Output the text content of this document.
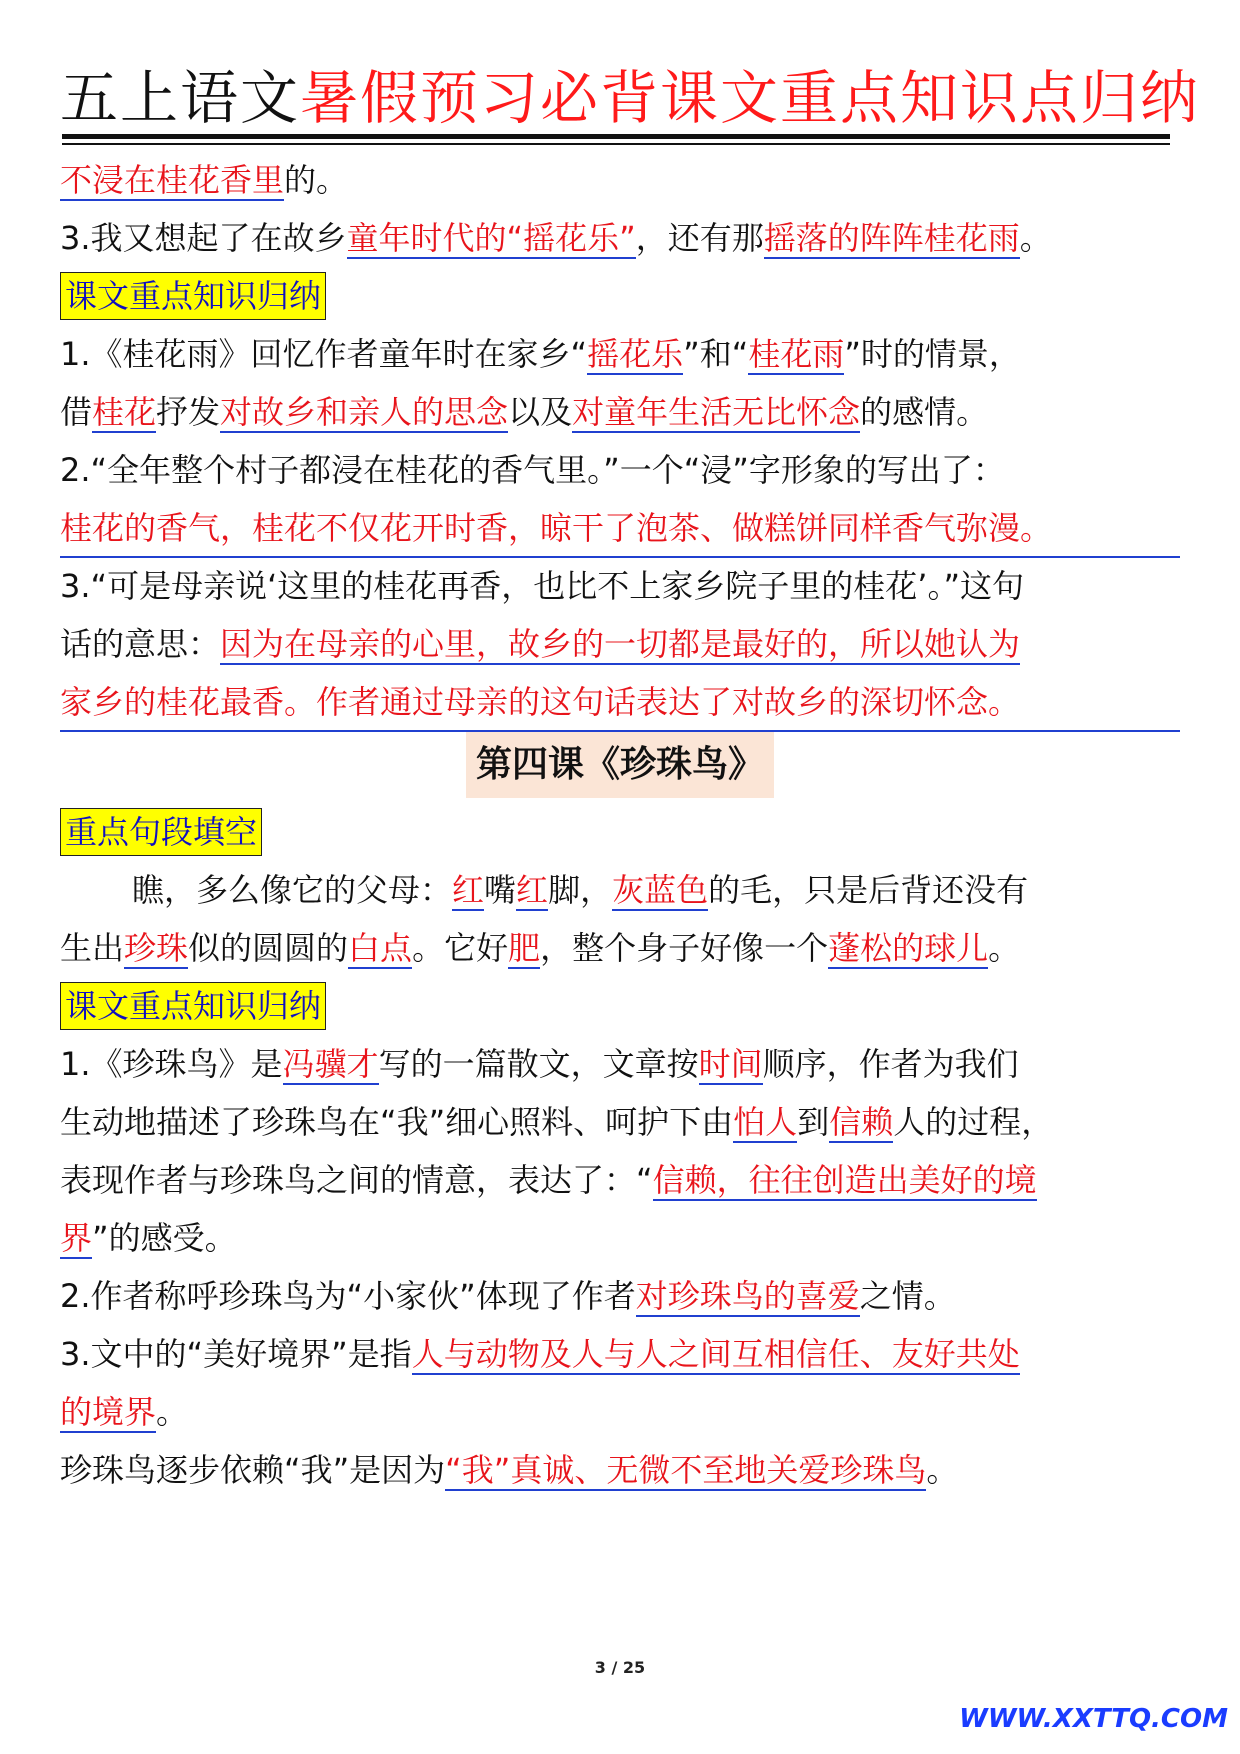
五上语文暑假预习必背课文重点知识点归纳
不浸在桂花香里的。
3.我又想起了在故乡童年时代的“摇花乐”，还有那摇落的阵阵桂花雨。
课文重点知识归纳
1.《桂花雨》回忆作者童年时在家乡“摇花乐”和“桂花雨”时的情景，
借桂花抒发对故乡和亲人的思念以及对童年生活无比怀念的感情。
2.“全年整个村子都浸在桂花的香气里。”一个“浸”字形象的写出了：
桂花的香气，桂花不仅花开时香，晾干了泡茶、做糕饼同样香气弥漫。
3.“可是母亲说‘这里的桂花再香，也比不上家乡院子里的桂花’。”这句
话的意思：因为在母亲的心里，故乡的一切都是最好的，所以她认为
家乡的桂花最香。作者通过母亲的这句话表达了对故乡的深切怀念。
第四课《珍珠鸟》
重点句段填空
瞧，多么像它的父母：红嘴红脚，灰蓝色的毛，只是后背还没有
生出珍珠似的圆圆的白点。它好肥，整个身子好像一个蓬松的球儿。
课文重点知识归纳
1.《珍珠鸟》是冯骥才写的一篇散文，文章按时间顺序，作者为我们
生动地描述了珍珠鸟在“我”细心照料、呵护下由怕人到信赖人的过程，
表现作者与珍珠鸟之间的情意，表达了：“信赖，往往创造出美好的境
界”的感受。
2.作者称呼珍珠鸟为“小家伙”体现了作者对珍珠鸟的喜爱之情。
3.文中的“美好境界”是指人与动物及人与人之间互相信任、友好共处
的境界。
珍珠鸟逐步依赖“我”是因为“我”真诚、无微不至地关爱珍珠鸟。
3 / 25
WWW.XXTTQ.COM
